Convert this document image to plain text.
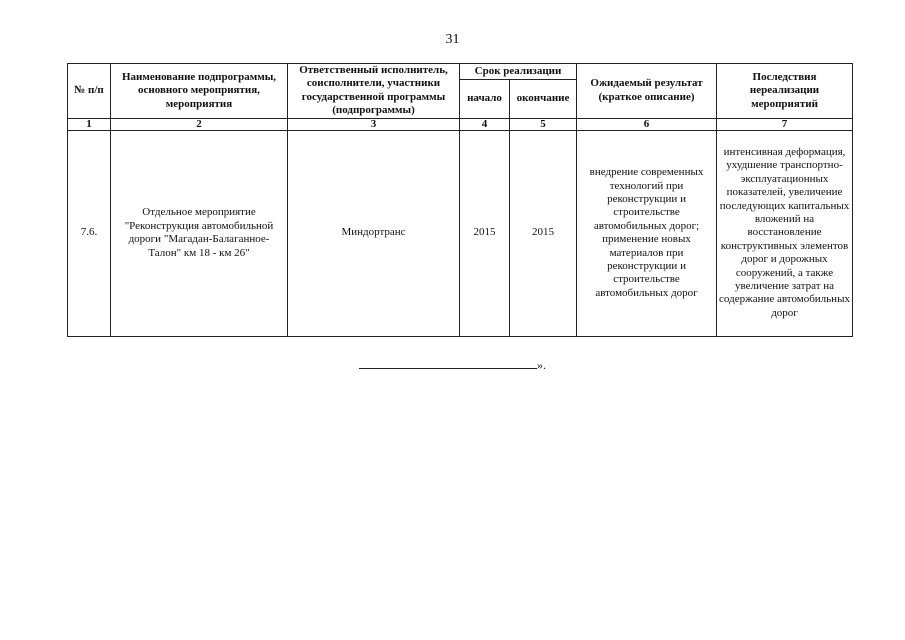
31
№ п/п	Наименование подпрограммы, основного мероприятия, мероприятия	Ответственный исполнитель, соисполнители, участники государственной программы (подпрограммы)	Срок реализации		Ожидаемый результат (краткое описание)	Последствия нереализации мероприятий
			начало	окончание		
1	2	3	4	5	6	7
7.6.	Отдельное мероприятие "Реконструкция автомобильной дороги "Магадан-Балаганное-Талон" км 18 - км 26"	Миндортранс	2015	2015	внедрение современных технологий при реконструкции и строительстве автомобильных дорог; применение новых материалов при реконструкции и строительстве автомобильных дорог	интенсивная деформация, ухудшение транспортно-эксплуатационных показателей, увеличение последующих капитальных вложений на восстановление конструктивных элементов дорог и дорожных сооружений, а также увеличение затрат на содержание автомобильных дорог
».
